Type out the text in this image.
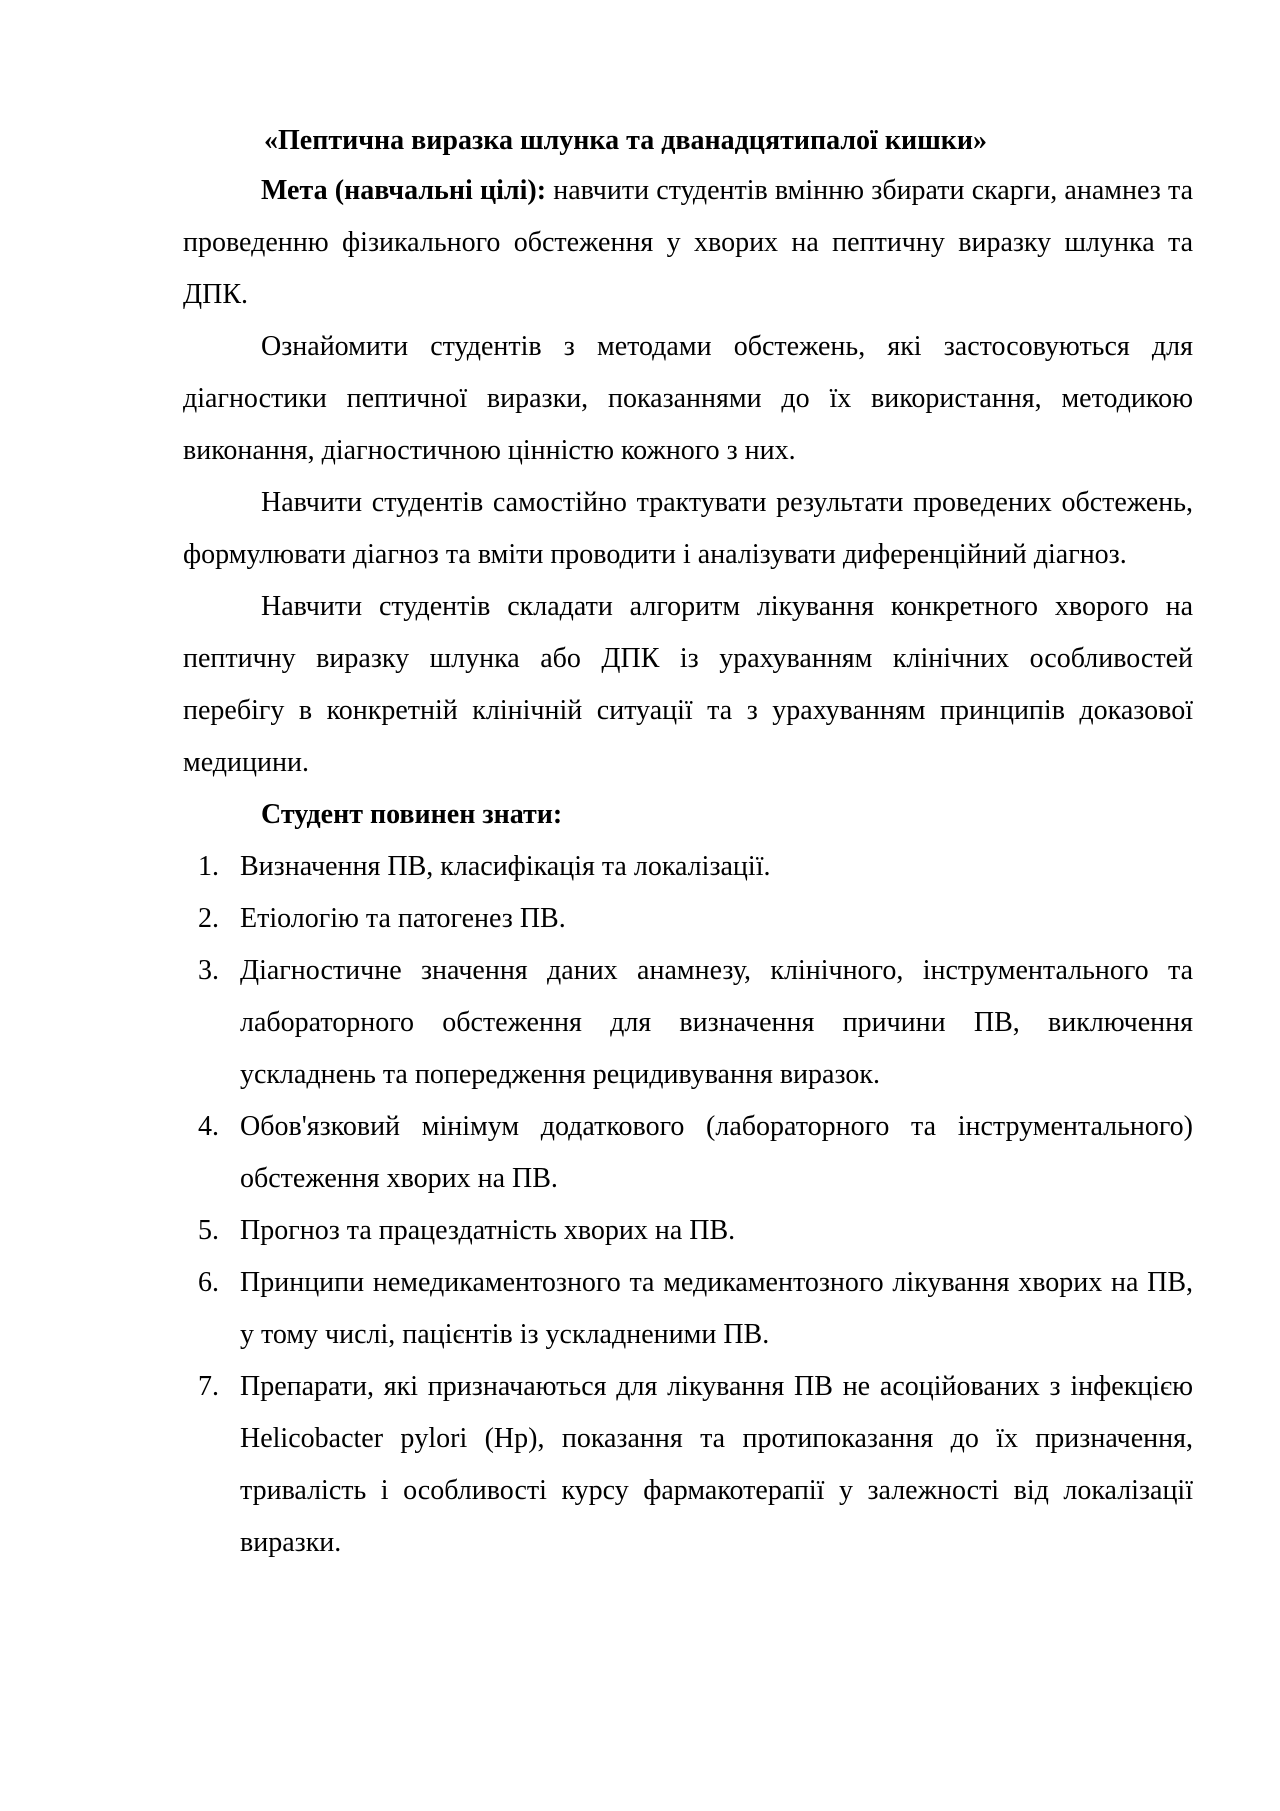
«Пептична виразка шлунка та дванадцятипалої кишки»

Мета (навчальні цілі): навчити студентів вмінню збирати скарги, анамнез та проведенню фізикального обстеження у хворих на пептичну виразку шлунка та ДПК.

Ознайомити студентів з методами обстежень, які застосовуються для діагностики пептичної виразки, показаннями до їх використання, методикою виконання, діагностичною цінністю кожного з них.

Навчити студентів самостійно трактувати результати проведених обстежень, формулювати діагноз та вміти проводити і аналізувати диференційний діагноз.

Навчити студентів складати алгоритм лікування конкретного хворого на пептичну виразку шлунка або ДПК із урахуванням клінічних особливостей перебігу в конкретній клінічній ситуації та з урахуванням принципів доказової медицини.

Студент повинен знати:

1. Визначення ПВ, класифікація та локалізації.
2. Етіологію та патогенез ПВ.
3. Діагностичне значення даних анамнезу, клінічного, інструментального та лабораторного обстеження для визначення причини ПВ, виключення ускладнень та попередження рецидивування виразок.
4. Обов'язковий мінімум додаткового (лабораторного та інструментального) обстеження хворих на ПВ.
5. Прогноз та працездатність хворих на ПВ.
6. Принципи немедикаментозного та медикаментозного лікування хворих на ПВ, у тому числі, пацієнтів із ускладненими ПВ.
7. Препарати, які призначаються для лікування ПВ не асоційованих з інфекцією Helicobacter pylori (Hp), показання та протипоказання до їх призначення, тривалість і особливості курсу фармакотерапії у залежності від локалізації виразки.
